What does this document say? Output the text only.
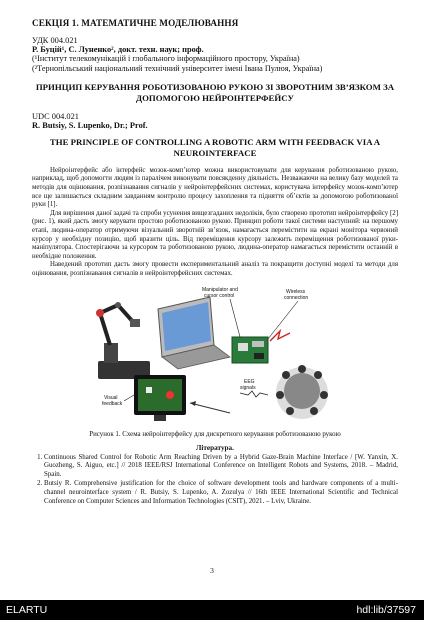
СЕКЦІЯ 1. МАТЕМАТИЧНЕ МОДЕЛЮВАННЯ

УДК 004.021

Р. Буцій¹, С. Луненко², докт. техн. наук; проф.

(¹Інститут телекомунікацій і глобального інформаційного простору, Україна)

(²Тернопільський національний технічний університет імені Івана Пулюя, Україна)

ПРИНЦИП КЕРУВАННЯ РОБОТИЗОВАНОЮ РУКОЮ ЗІ ЗВОРОТНИМ ЗВ’ЯЗКОМ ЗА ДОПОМОГОЮ НЕЙРОІНТЕРФЕЙСУ

UDC 004.021

R. Butsiy, S. Lupenko, Dr.; Prof.

THE PRINCIPLE OF CONTROLLING A ROBOTIC ARM WITH FEEDBACK VIA A NEUROINTERFACE

Нейроінтерфейс або інтерфейс мозок-комп’ютер можна використовувати для керування роботизованою рукою, наприклад, щоб допомогти людям із паралічем виконувати повсякденну діяльність. Незважаючи на велику базу моделей та методів для оцінювання, розпізнавання сигналів у нейроінтерфейсних системах, користувача інтерфейсу мозок-комп’ютер все ще залишається складним завданням контролю процесу захоплення та підняття об’єктів за допомогою роботизованої руки [1].

Для вирішення даної задачі та спроби усунення вищезгаданих недоліків, було створено прототип нейроінтерфейсу [2] (рис. 1), який дасть змогу керувати простою роботизованою рукою. Принцип роботи такої системи наступний: на першому етапі, людина-оператор отримуючи візуальний зворотній зв’язок, намагається переміститн на екрані монітора червоний курсор у необхідну позицію, щоб вразити ціль. Від переміщення курсору залежить переміщення роботизованої руки-маніпулятора. Спостерігаючи за курсором та роботизованою рукою, людина-оператор намагається перемістити останній в необхідне положення.

Наведений прототип дасть змогу провести експериментальний аналіз та покращити доступні моделі та методи для оцінювання, розпізнавання сигналів в нейроінтерфейсних системах.

Manipulator and
cursor control
Wireless
connection
EEG
signals
Visual
feedback
Рисунок 1. Схема нейроінтерфейсу для дискретного керування роботизованою рукою
Література.
1. Continuous Shared Control for Robotic Arm Reaching Driven by a Hybrid Gaze-Brain Machine Interface / [W. Yanxin, X. Guozheng, S. Aiguo, etc.] // 2018 IEEE/RSJ International Conference on Intelligent Robots and Systems, 2018. – Madrid, Spain.
2. Butsiy R. Comprehensive justification for the choice of software development tools and hardware components of a multi-channel neurointerface system / R. Butsiy, S. Lupenko, A. Zozulya // 16th IEEE International Scientific and Technical Conference on Computer Sciences and Information Technologies (CSIT), 2021. – Lviv, Ukraine.
3
ELARTU	hdl:lib/37597
